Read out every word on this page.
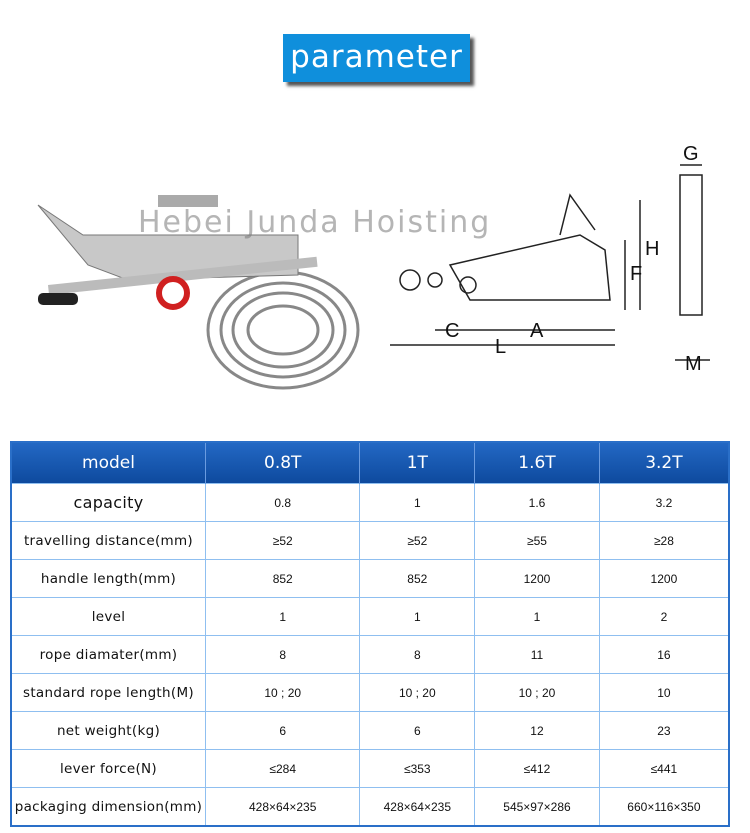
parameter
Hebei Junda Hoisting
G
H
F
C	A
L
M
model	0.8T	1T	1.6T	3.2T
capacity	0.8	1	1.6	3.2
travelling distance(mm)	≥52	≥52	≥55	≥28
handle length(mm)	852	852	1200	1200
level	1	1	1	2
rope diamater(mm)	8	8	11	16
standard rope length(M)	10 ; 20	10 ; 20	10 ; 20	10
net weight(kg)	6	6	12	23
lever force(N)	≤284	≤353	≤412	≤441
packaging dimension(mm)	428×64×235	428×64×235	545×97×286	660×116×350
